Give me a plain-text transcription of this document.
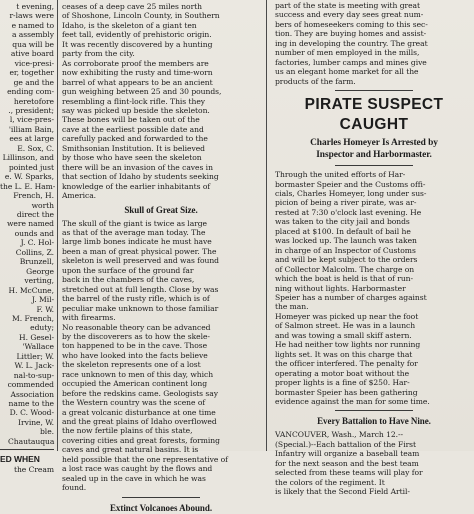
t evening,
r-laws were
e named to
a assembly
qua will be
ative board
vice-presi-
er, together
ge and the
ending com-
heretofore
., president;
l, vice-pres-
'illiam Bain,
ees at large
E. Sox, C.
Lillinson, and
pointed just
e. W. Sparks,
the L. E. Ham-
French, H.
worth
direct the
were named
ounds and
J. C. Hol-
Collins, Z.
Brunzell,
George
verting,
H. McCune,
J. Mil-
F. W.
M. French,
eduty;
H. Gesel-
'Wallace
Littler; W.
W. L. Jack-
nal-to-sup-
commended
Association
name to the
D. C. Wood-
Irvine, W.
ble.
Chautauqua
ED WHEN
the Cream
ceases of a deep cave 25 miles north
of Shoshone, Lincoln County, in Southern
Idaho, is the skeleton of a giant ten
feet tall, evidently of prehistoric origin.
It was recently discovered by a hunting
party from the city.
As corroborate proof the members are
now exhibiting the rusty and time-worn
barrel of what appears to be an ancient
gun weighing between 25 and 30 pounds,
resembling a flint-lock rifle. This they
say was picked up beside the skeleton.
These bones will be taken out of the
cave at the earliest possible date and
carefully packed and forwarded to the
Smithsonian Institution. It is believed
by those who have seen the skeleton
there will be an invasion of the caves in
that section of Idaho by students seeking
knowledge of the earlier inhabitants of
America.
Skull of Great Size.
The skull of the giant is twice as large
as that of the average man today. The
large limb bones indicate he must have
been a man of great physical power. The
skeleton is well preserved and was found
upon the surface of the ground far
back in the chambers of the caves,
stretched out at full length. Close by was
the barrel of the rusty rifle, which is of
peculiar make unknown to those familiar
with firearms.
No reasonable theory can be advanced
by the discoverers as to how the skele-
ton happened to be in the cave. Those
who have looked into the facts believe
the skeleton represents one of a lost
race unknown to men of this day, which
occupied the American continent long
before the redskins came. Geologists say
the Western country was the scene of
a great volcanic disturbance at one time
and the great plains of Idaho overflowed
the now fertile plains of this state,
covering cities and great forests, forming
caves and great natural basins. It is
held possible that the one representative of
a lost race was caught by the flows and
sealed up in the cave in which he was
found.
Extinct Volcanoes Abound.
part of the state is meeting with great
success and every day sees great num-
bers of homeseekers coming to this sec-
tion. They are buying homes and assist-
ing in developing the country. The great
number of men employed in the mills,
factories, lumber camps and mines give
us an elegant home market for all the
products of the farm.
PIRATE SUSPECT CAUGHT
Charles Homeyer Is Arrested by
Inspector and Harbormaster.
Through the united efforts of Har-
bormaster Speier and the Customs offi-
cials, Charles Homeyer, long under sus-
picion of being a river pirate, was ar-
rested at 7:30 o'clock last evening. He
was taken to the city jail and bonds
placed at $100. In default of bail he
was locked up. The launch was taken
in charge of an Inspector of Customs
and will be kept subject to the orders
of Collector Malcolm. The charge on
which the boat is held is that of run-
ning without lights. Harbormaster
Speier has a number of charges against
the man.
Homeyer was picked up near the foot
of Salmon street. He was in a launch
and was towing a small skiff astern.
He had neither tow lights nor running
lights set. It was on this charge that
the officer interfered. The penalty for
operating a motor boat without the
proper lights is a fine of $250. Har-
bormaster Speier has been gathering
evidence against the man for some time.
Every Battalion to Have Nine.
VANCOUVER, Wash., March 12.--
(Special.)--Each battalion of the First
Infantry will organize a baseball team
for the next season and the best team
selected from these teams will play for
the colors of the regiment. It
is likely that the Second Field Artil-
